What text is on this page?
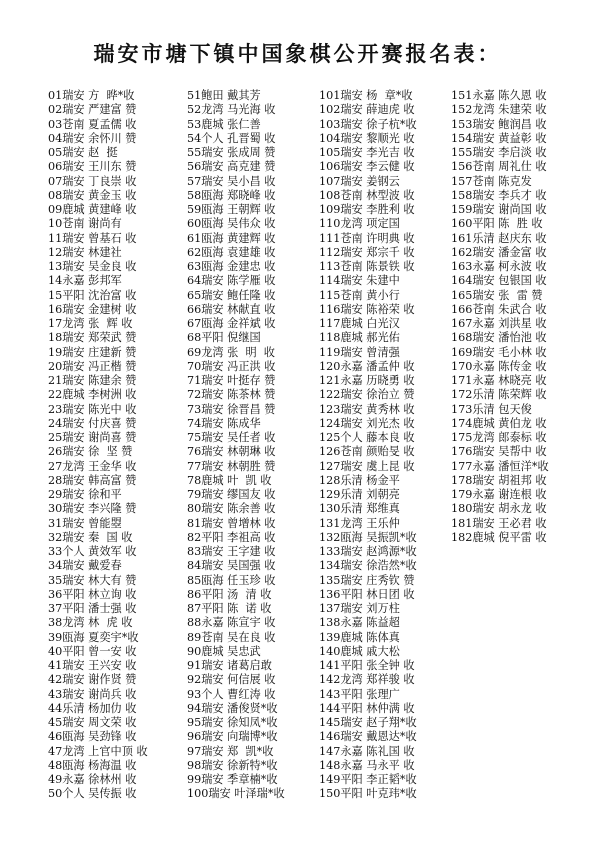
瑞安市塘下镇中国象棋公开赛报名表：
01瑞安 方  晔*收
02瑞安 严建富 赞
03苍南 夏孟儒 收
04瑞安 余怀川 赞
05瑞安 赵  挺
06瑞安 王川东 赞
07瑞安 丁良崇 收
08瑞安 黄金玉 收
09鹿城 黄建峰 收
10苍南 谢尚有
11瑞安 曾基石 收
12瑞安 林建社
13瑞安 吴金良 收
14永嘉 彭邦军
15平阳 沈治富 收
16瑞安 金建树 收
17龙湾 张  辉 收
18瑞安 郑荣武 赞
19瑞安 庄建新 赞
20瑞安 冯正楷 赞
21瑞安 陈建余 赞
22鹿城 李树洲 收
23瑞安 陈光中 收
24瑞安 付庆喜 赞
25瑞安 谢尚喜 赞
26瑞安 徐  坚 赞
27龙湾 王金华 收
28瑞安 韩高富 赞
29瑞安 徐和平
30瑞安 李兴隆 赞
31瑞安 曾能曌
32瑞安 秦  国 收
33个人 黄效军 收
34瑞安 戴爱春
35瑞安 林大有 赞
36平阳 林立询 收
37平阳 潘士强 收
38龙湾 林  虎 收
39瓯海 夏奕宇*收
40平阳 曾一安 收
41瑞安 王兴安 收
42瑞安 谢作贤 赞
43瑞安 谢尚兵 收
44乐清 杨加仂 收
45瑞安 周文荣 收
46瓯海 吴劲锋 收
47龙湾 上官中顶 收
48瓯海 杨海温 收
49永嘉 徐林州 收
50个人 吴传振 收
51鲍田 戴其芳
52龙湾 马光海 收
53鹿城 张仁善
54个人 孔晋蜀 收
55瑞安 张成周 赞
56瑞安 高克建 赞
57瑞安 吴小昌 收
58瓯海 郑晓峰 收
59瓯海 王朝辉 收
60瓯海 吴伟众 收
61瓯海 黄建辉 收
62瓯海 袁建雄 收
63瓯海 金建忠 收
64瑞安 陈学雁 收
65瑞安 鲍任隆 收
66瑞安 林献直 收
67瓯海 金祥斌 收
68平阳 倪继国
69龙湾 张  明  收
70瑞安 冯正洪 收
71瑞安 叶挺存 赞
72瑞安 陈茶林 赞
73瑞安 徐晋昌 赞
74瑞安 陈成华
75瑞安 吴任者 收
76瑞安 林朝琳 收
77瑞安 林朝胜 赞
78鹿城 叶  凯 收
79瑞安 缪国友 收
80瑞安 陈余善 收
81瑞安 曾增林 收
82平阳 李祖高 收
83瑞安 王字建 收
84瑞安 吴国强 收
85瓯海 任玉珍 收
86平阳 汤  清 收
87平阳 陈  诺 收
88永嘉 陈宣宇 收
89苍南 吴在良 收
90鹿城 吴忠武
91瑞安 诸葛启敢
92瑞安 何信展 收
93个人 曹红涛 收
94瑞安 潘俊贤*收
95瑞安 徐知凤*收
96瑞安 向瑞博*收
97瑞安 郑  凯*收
98瑞安 徐新特*收
99瑞安 季章楠*收
100瑞安 叶泽瑞*收
101瑞安 杨  章*收
102瑞安 薛迪虎 收
103瑞安 徐子杭*收
104瑞安 黎顺光 收
105瑞安 李光吉 收
106瑞安 李云健 收
107瑞安 姜钢云
108苍南 林型波 收
109瑞安 李胜利 收
110龙湾 项定国
111苍南 许明典 收
112瑞安 郑宗千 收
113苍南 陈景铁 收
114瑞安 朱建中
115苍南 黄小行
116瑞安 陈裕荣 收
117鹿城 白光汉
118鹿城 郝光佑
119瑞安 曾清强
120永嘉 潘孟仲 收
121永嘉 历晓勇 收
122瑞安 徐治立 赞
123瑞安 黄秀林 收
124瑞安 刘光杰 收
125个人 藤本良 收
126苍南 颜贻旻 收
127瑞安 虞上昆 收
128乐清 杨金平
129乐清 刘朝亮
130乐清 郑维真
131龙湾 王乐仲
132瓯海 吴振凯*收
133瑞安 赵鸿源*收
134瑞安 徐浩然*收
135瑞安 庄秀钦 赞
136平阳 林日团 收
137瑞安 刘万柱
138永嘉 陈益超
139鹿城 陈体真
140鹿城 戚大松
141平阳 张全钟 收
142龙湾 郑祥骏 收
143平阳 张理广
144平阳 林仲满 收
145瑞安 赵子翔*收
146瑞安 戴恩达*收
147永嘉 陈礼国 收
148永嘉 马永平 收
149平阳 李正韬*收
150平阳 叶克玮*收
151永嘉 陈久恩 收
152龙湾 朱建荣 收
153瑞安 鲍润昌 收
154瑞安 黄益彰 收
155瑞安 李启淡 收
156苍南 周礼仕 收
157苍南 陈克发
158瑞安 李兵才 收
159瑞安 谢尚国 收
160平阳 陈  胜 收
161乐清 赵庆东 收
162瑞安 潘金富 收
163永嘉 柯永波 收
164瑞安 包银国 收
165瑞安 张  雷 赞
166苍南 朱武合 收
167永嘉 刘洪星 收
168瑞安 潘怡池 收
169瑞安 毛小林 收
170永嘉 陈传金 收
171永嘉 林晓亮 收
172乐清 陈荣辉 收
173乐清 包天俊
174鹿城 黄伯龙 收
175龙湾 郎泰标 收
176瑞安 吴帮中 收
177永嘉 潘恒洋*收
178瑞安 胡祖邦 收
179永嘉 谢连根 收
180瑞安 胡永龙 收
181瑞安 王必君 收
182鹿城 倪平雷 收
